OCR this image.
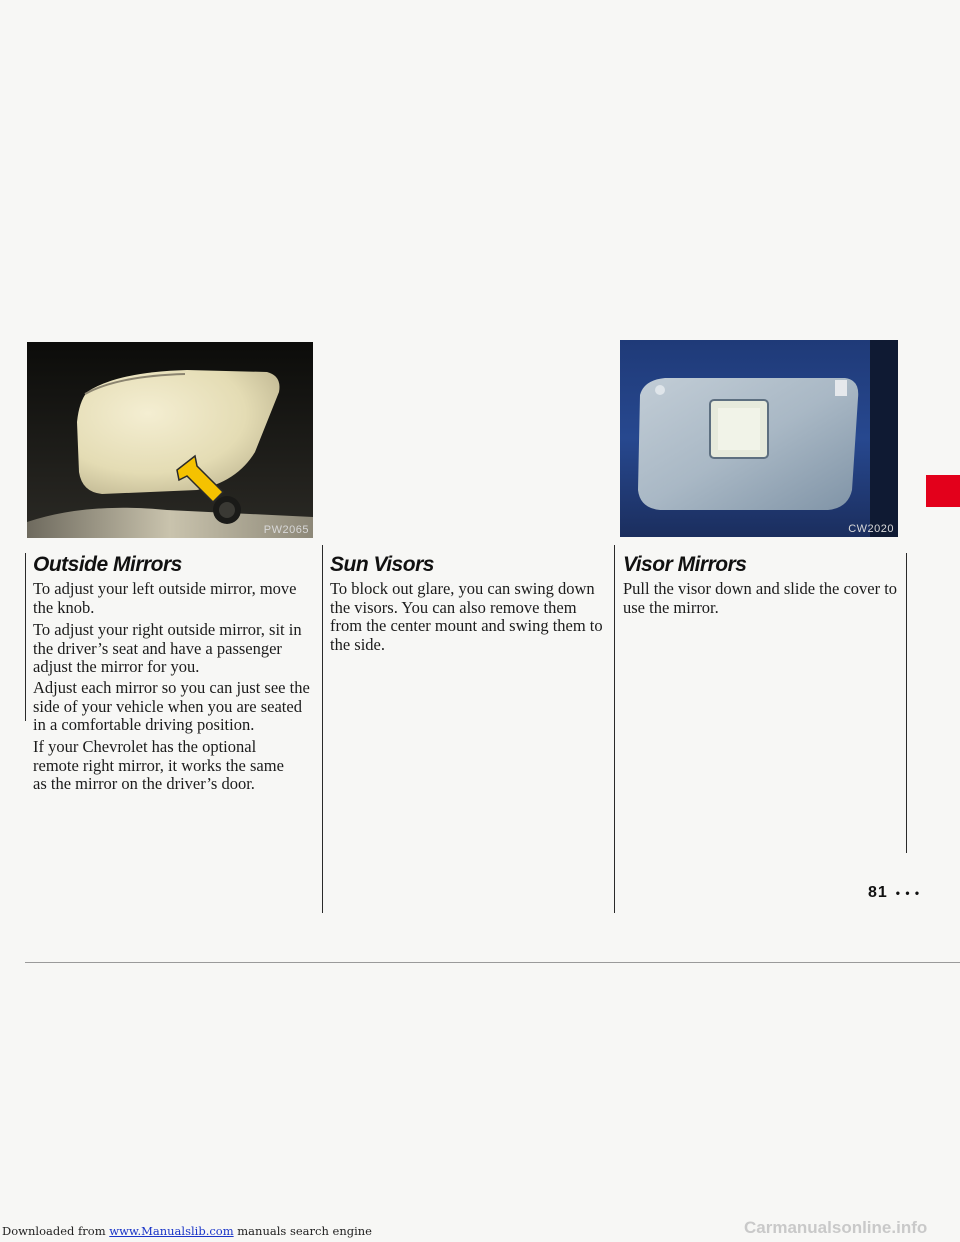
PW2065	CW2020
Outside Mirrors
To adjust your left outside mirror, move the knob.
To adjust your right outside mirror, sit in the driver’s seat and have a passenger adjust the mirror for you.
Adjust each mirror so you can just see the side of your vehicle when you are seated in a comfortable driving position.
If your Chevrolet has the optional remote right mirror, it works the same as the mirror on the driver’s door.
Sun Visors
To block out glare, you can swing down the visors. You can also remove them from the center mount and swing them to the side.
Visor Mirrors
Pull the visor down and slide the cover to use the mirror.
81 • • •
Downloaded from www.Manualslib.com manuals search engine	Carmanualsonline.info
